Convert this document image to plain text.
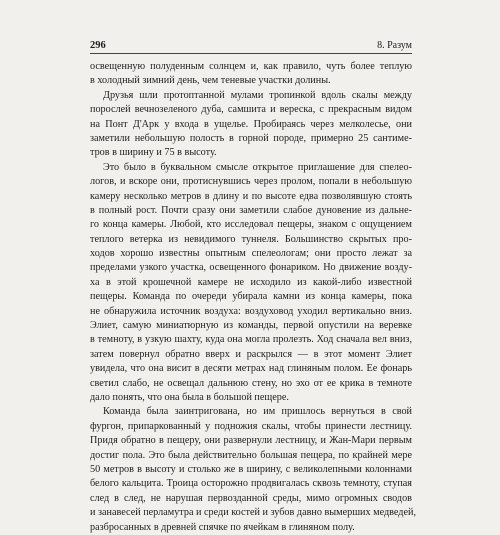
296	8. Разум
освещенную полуденным солнцем и, как правило, чуть более теплую
в холодный зимний день, чем теневые участки долины.
Друзья шли протоптанной мулами тропинкой вдоль скалы между
порослей вечнозеленого дуба, самшита и вереска, с прекрасным видом
на Понт Д'Арк у входа в ущелье. Пробираясь через мелколесье, они
заметили небольшую полость в горной породе, примерно 25 сантиме-
тров в ширину и 75 в высоту.
Это было в буквальном смысле открытое приглашение для спелео-
логов, и вскоре они, протиснувшись через пролом, попали в небольшую
камеру несколько метров в длину и по высоте едва позволявшую стоять
в полный рост. Почти сразу они заметили слабое дуновение из дальне-
го конца камеры. Любой, кто исследовал пещеры, знаком с ощущением
теплого ветерка из невидимого туннеля. Большинство скрытых про-
ходов хорошо известны опытным спелеологам; они просто лежат за
пределами узкого участка, освещенного фонариком. Но движение возду-
ха в этой крошечной камере не исходило из какой-либо известной
пещеры. Команда по очереди убирала камни из конца камеры, пока
не обнаружила источник воздуха: воздуховод уходил вертикально вниз.
Элиет, самую миниатюрную из команды, первой опустили на веревке
в темноту, в узкую шахту, куда она могла пролезть. Ход сначала вел вниз,
затем повернул обратно вверх и раскрылся — в этот момент Элиет
увидела, что она висит в десяти метрах над глиняным полом. Ее фонарь
светил слабо, не освещал дальнюю стену, но эхо от ее крика в темноте
дало понять, что она была в большой пещере.
Команда была заинтригована, но им пришлось вернуться в свой
фургон, припаркованный у подножия скалы, чтобы принести лестницу.
Придя обратно в пещеру, они развернули лестницу, и Жан-Мари первым
достиг пола. Это была действительно большая пещера, по крайней мере
50 метров в высоту и столько же в ширину, с великолепными колоннами
белого кальцита. Троица осторожно продвигалась сквозь темноту, ступая
след в след, не нарушая первозданной среды, мимо огромных сводов
и занавесей перламутра и среди костей и зубов давно вымерших медведей,
разбросанных в древней спячке по ячейкам в глиняном полу.
